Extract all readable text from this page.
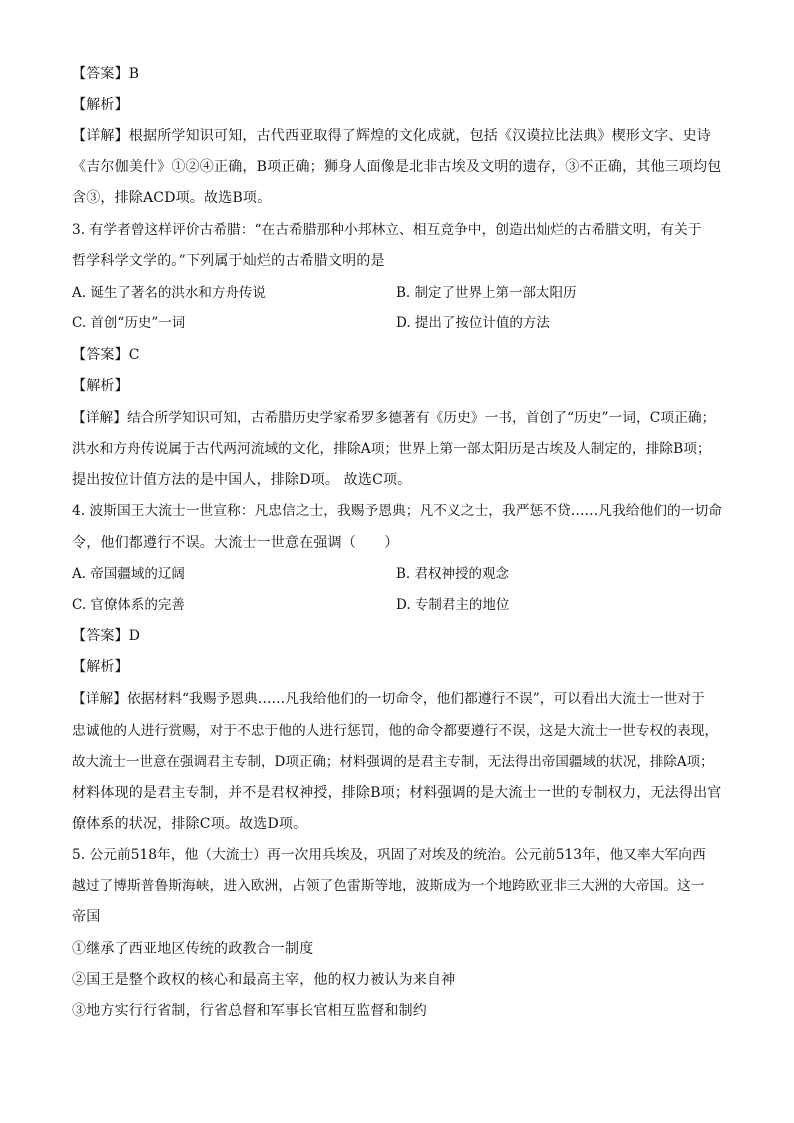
【答案】B
【解析】
【详解】根据所学知识可知，古代西亚取得了辉煌的文化成就，包括《汉谟拉比法典》楔形文字、史诗
《吉尔伽美什》①②④正确，B项正确；狮身人面像是北非古埃及文明的遗存，③不正确，其他三项均包
含③，排除ACD项。故选B项。
3. 有学者曾这样评价古希腊：“在古希腊那种小邦林立、相互竞争中，创造出灿烂的古希腊文明，有关于
哲学科学文学的。”下列属于灿烂的古希腊文明的是
A. 诞生了著名的洪水和方舟传说	B. 制定了世界上第一部太阳历
C. 首创“历史”一词	D. 提出了按位计值的方法
【答案】C
【解析】
【详解】结合所学知识可知，古希腊历史学家希罗多德著有《历史》一书，首创了“历史”一词，C项正确；
洪水和方舟传说属于古代两河流域的文化，排除A项；世界上第一部太阳历是古埃及人制定的，排除B项；
提出按位计值方法的是中国人，排除D项。 故选C项。
4. 波斯国王大流士一世宣称：凡忠信之士，我赐予恩典；凡不义之士，我严惩不贷……凡我给他们的一切命
令，他们都遵行不误。大流士一世意在强调（　　）
A. 帝国疆域的辽阔	B. 君权神授的观念
C. 官僚体系的完善	D. 专制君主的地位
【答案】D
【解析】
【详解】依据材料“我赐予恩典……凡我给他们的一切命令，他们都遵行不误”，可以看出大流士一世对于
忠诚他的人进行赏赐，对于不忠于他的人进行惩罚，他的命令都要遵行不误，这是大流士一世专权的表现，
故大流士一世意在强调君主专制，D项正确；材料强调的是君主专制，无法得出帝国疆域的状况，排除A项；
材料体现的是君主专制，并不是君权神授，排除B项；材料强调的是大流士一世的专制权力，无法得出官
僚体系的状况，排除C项。故选D项。
5. 公元前518年，他（大流士）再一次用兵埃及，巩固了对埃及的统治。公元前513年，他又率大军向西
越过了博斯普鲁斯海峡，进入欧洲，占领了色雷斯等地，波斯成为一个地跨欧亚非三大洲的大帝国。这一
帝国
①继承了西亚地区传统的政教合一制度
②国王是整个政权的核心和最高主宰，他的权力被认为来自神
③地方实行行省制，行省总督和军事长官相互监督和制约
